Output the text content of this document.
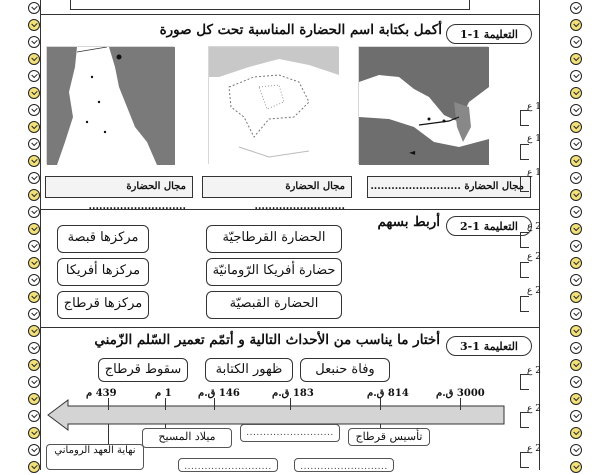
التعليمة 1-1
أكمل بكتابة اسم الحضارة المناسبة تحت كل صورة
◄
مجال الحضارة ..........................
مجال الحضارة ..........................
مجال الحضارة ............................
التعليمة 1-2
أربط بسهم
الحضارة القرطاجيّة
حضارة أفريكا الرّومانيّة
الحضارة القبصيّة
مركزها قبصة
مركزها أفريكا
مركزها قرطاج
التعليمة 1-3
أختار ما يناسب من الأحداث التالية و أتمّم تعمير السّلم الزّمني
وفاة حنبعل
ظهور الكتابة
سقوط قرطاج
3000 ق.م
814 ق.م
183 ق.م
146 ق.م
1 م
439 م
تأسيس قرطاج
..........................
ميلاد المسيح
نهاية العهد الروماني
..........................	..........................
1 ع
1 ع
1 ع
2 ع
2 ع
2 ع
2 ع
2 ع
2 ع
